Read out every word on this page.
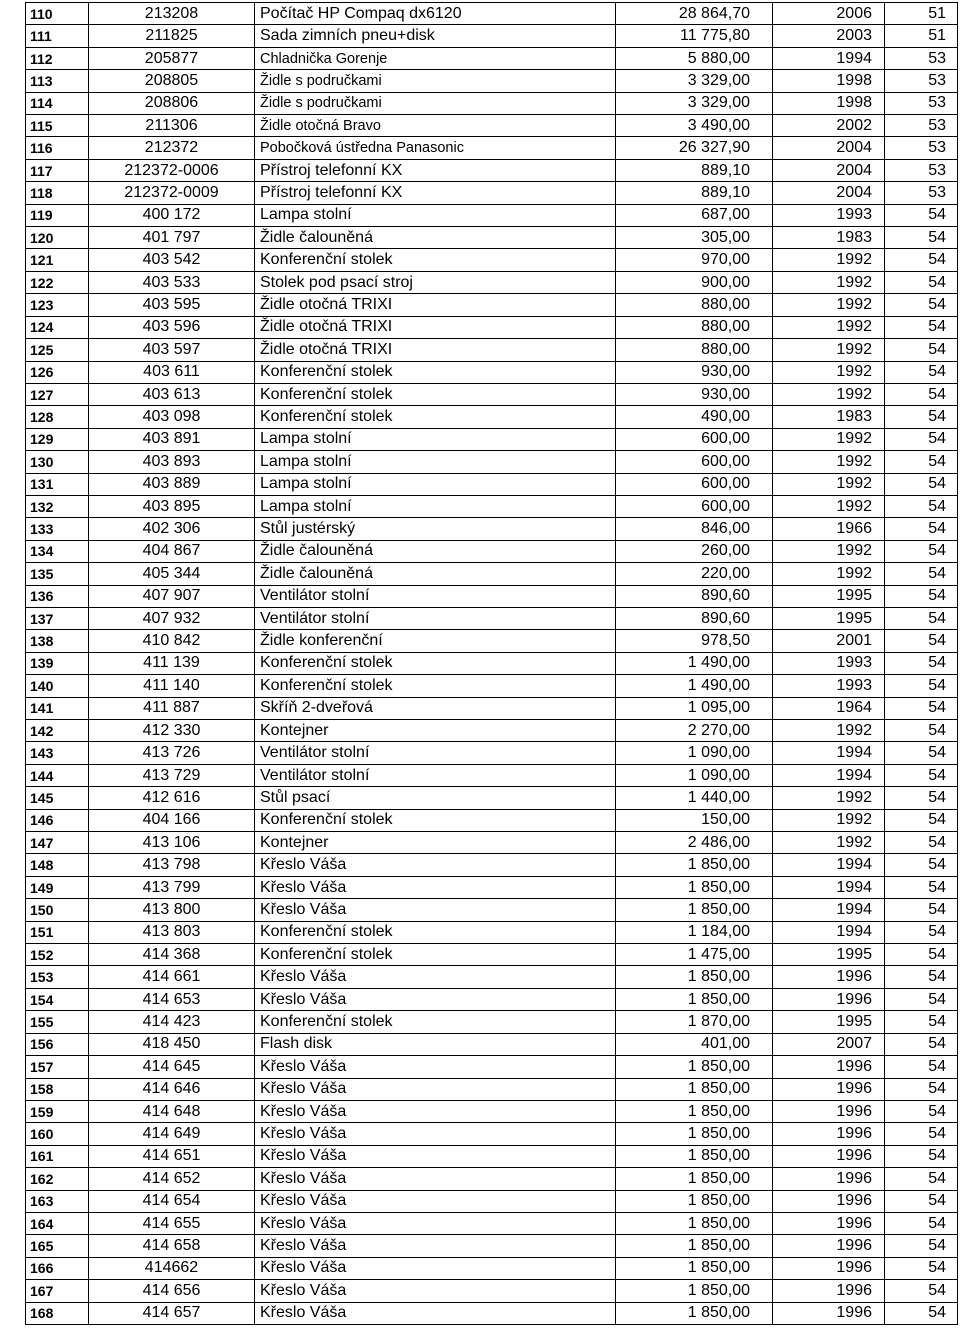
110	213208	Počítač HP Compaq dx6120	28 864,70	2006	51
111	211825	Sada zimních pneu+disk	11 775,80	2003	51
112	205877	Chladnička Gorenje	5 880,00	1994	53
113	208805	Židle s područkami	3 329,00	1998	53
114	208806	Židle s područkami	3 329,00	1998	53
115	211306	Židle otočná Bravo	3 490,00	2002	53
116	212372	Pobočková ústředna Panasonic	26 327,90	2004	53
117	212372-0006	Přístroj telefonní KX	889,10	2004	53
118	212372-0009	Přístroj telefonní KX	889,10	2004	53
119	400 172	Lampa stolní	687,00	1993	54
120	401 797	Židle čalouněná	305,00	1983	54
121	403 542	Konferenční stolek	970,00	1992	54
122	403 533	Stolek pod psací stroj	900,00	1992	54
123	403 595	Židle otočná TRIXI	880,00	1992	54
124	403 596	Židle otočná TRIXI	880,00	1992	54
125	403 597	Židle otočná TRIXI	880,00	1992	54
126	403 611	Konferenční stolek	930,00	1992	54
127	403 613	Konferenční stolek	930,00	1992	54
128	403 098	Konferenční stolek	490,00	1983	54
129	403 891	Lampa stolní	600,00	1992	54
130	403 893	Lampa stolní	600,00	1992	54
131	403 889	Lampa stolní	600,00	1992	54
132	403 895	Lampa stolní	600,00	1992	54
133	402 306	Stůl justérský	846,00	1966	54
134	404 867	Židle čalouněná	260,00	1992	54
135	405 344	Židle čalouněná	220,00	1992	54
136	407 907	Ventilátor stolní	890,60	1995	54
137	407 932	Ventilátor stolní	890,60	1995	54
138	410 842	Židle konferenční	978,50	2001	54
139	411 139	Konferenční stolek	1 490,00	1993	54
140	411 140	Konferenční stolek	1 490,00	1993	54
141	411 887	Skříň 2-dveřová	1 095,00	1964	54
142	412 330	Kontejner	2 270,00	1992	54
143	413 726	Ventilátor stolní	1 090,00	1994	54
144	413 729	Ventilátor stolní	1 090,00	1994	54
145	412 616	Stůl psací	1 440,00	1992	54
146	404 166	Konferenční stolek	150,00	1992	54
147	413 106	Kontejner	2 486,00	1992	54
148	413 798	Křeslo Váša	1 850,00	1994	54
149	413 799	Křeslo Váša	1 850,00	1994	54
150	413 800	Křeslo Váša	1 850,00	1994	54
151	413 803	Konferenční stolek	1 184,00	1994	54
152	414 368	Konferenční stolek	1 475,00	1995	54
153	414 661	Křeslo Váša	1 850,00	1996	54
154	414 653	Křeslo Váša	1 850,00	1996	54
155	414 423	Konferenční stolek	1 870,00	1995	54
156	418 450	Flash disk	401,00	2007	54
157	414 645	Křeslo Váša	1 850,00	1996	54
158	414 646	Křeslo Váša	1 850,00	1996	54
159	414 648	Křeslo Váša	1 850,00	1996	54
160	414 649	Křeslo Váša	1 850,00	1996	54
161	414 651	Křeslo Váša	1 850,00	1996	54
162	414 652	Křeslo Váša	1 850,00	1996	54
163	414 654	Křeslo Váša	1 850,00	1996	54
164	414 655	Křeslo Váša	1 850,00	1996	54
165	414 658	Křeslo Váša	1 850,00	1996	54
166	414662	Křeslo Váša	1 850,00	1996	54
167	414 656	Křeslo Váša	1 850,00	1996	54
168	414 657	Křeslo Váša	1 850,00	1996	54
